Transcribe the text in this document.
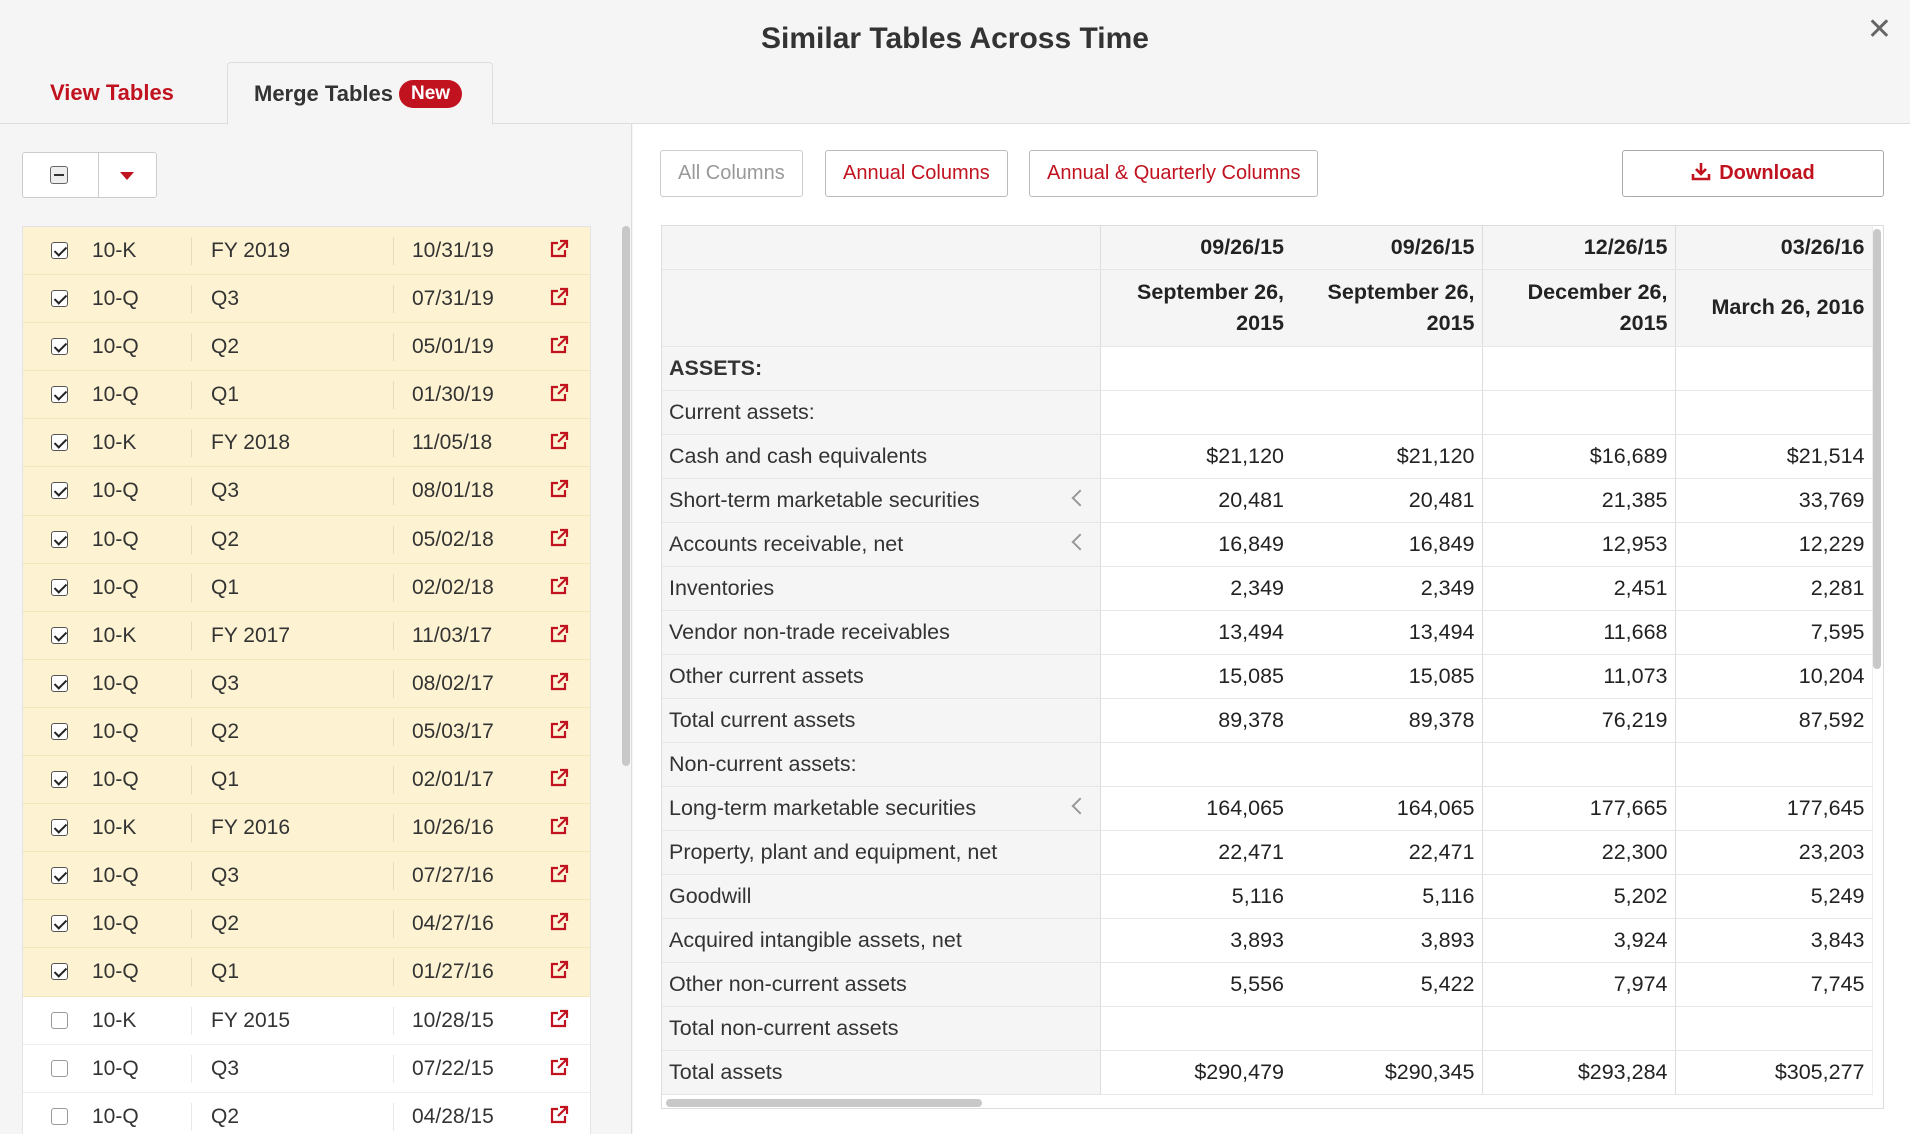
Similar Tables Across Time	✕
View Tables	Merge Tables New
10-K	FY 2019	10/31/19
10-Q	Q3	07/31/19
10-Q	Q2	05/01/19
10-Q	Q1	01/30/19
10-K	FY 2018	11/05/18
10-Q	Q3	08/01/18
10-Q	Q2	05/02/18
10-Q	Q1	02/02/18
10-K	FY 2017	11/03/17
10-Q	Q3	08/02/17
10-Q	Q2	05/03/17
10-Q	Q1	02/01/17
10-K	FY 2016	10/26/16
10-Q	Q3	07/27/16
10-Q	Q2	04/27/16
10-Q	Q1	01/27/16
10-K	FY 2015	10/28/15
10-Q	Q3	07/22/15
10-Q	Q2	04/28/15
All Columns	Annual Columns	Annual & Quarterly Columns	Download
	09/26/15	09/26/15	12/26/15	03/26/16
	September 26, 2015	September 26, 2015	December 26, 2015	March 26, 2016
ASSETS:				
Current assets:				
Cash and cash equivalents	$21,120	$21,120	$16,689	$21,514
Short-term marketable securities	20,481	20,481	21,385	33,769
Accounts receivable, net	16,849	16,849	12,953	12,229
Inventories	2,349	2,349	2,451	2,281
Vendor non-trade receivables	13,494	13,494	11,668	7,595
Other current assets	15,085	15,085	11,073	10,204
Total current assets	89,378	89,378	76,219	87,592
Non-current assets:				
Long-term marketable securities	164,065	164,065	177,665	177,645
Property, plant and equipment, net	22,471	22,471	22,300	23,203
Goodwill	5,116	5,116	5,202	5,249
Acquired intangible assets, net	3,893	3,893	3,924	3,843
Other non-current assets	5,556	5,422	7,974	7,745
Total non-current assets				
Total assets	$290,479	$290,345	$293,284	$305,277
